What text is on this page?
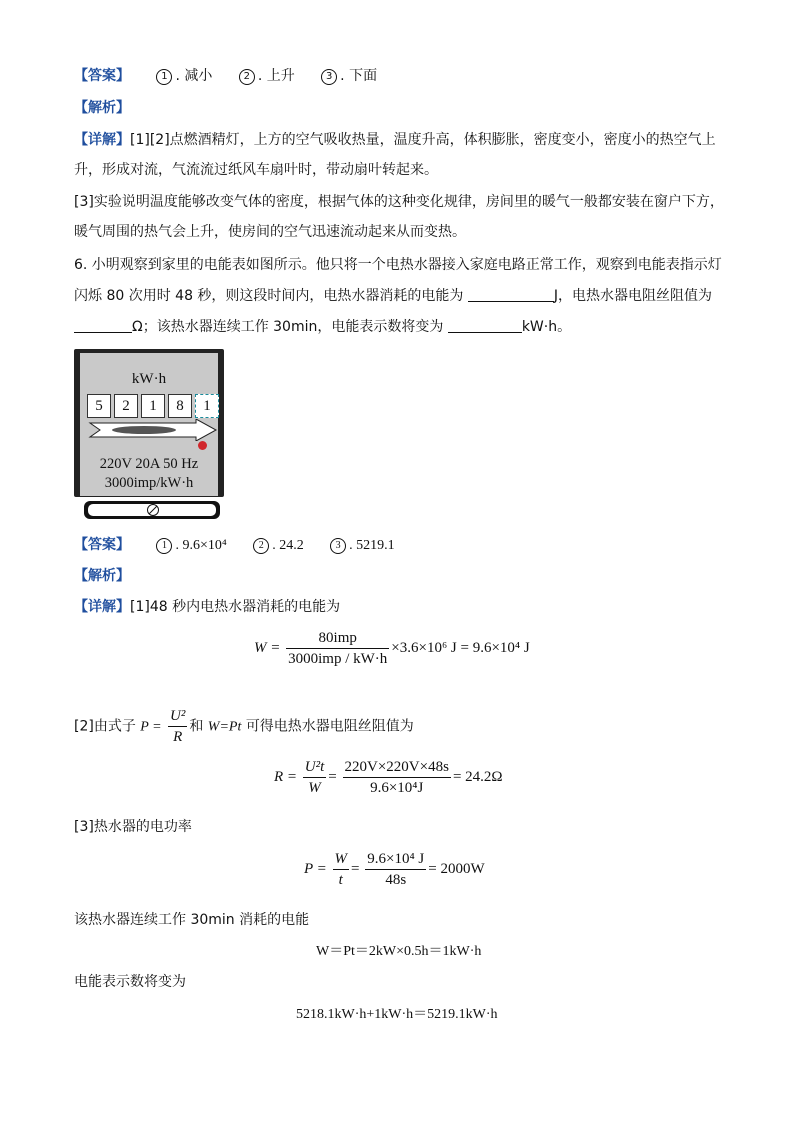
【答案】	1 . 减小	2 . 上升	3 . 下面
【解析】
【详解】[1][2]点燃酒精灯，上方的空气吸收热量，温度升高，体积膨胀，密度变小，密度小的热空气上
升，形成对流，气流流过纸风车扇叶时，带动扇叶转起来。
[3]实验说明温度能够改变气体的密度，根据气体的这种变化规律，房间里的暖气一般都安装在窗户下方，
暖气周围的热气会上升，使房间的空气迅速流动起来从而变热。
6. 小明观察到家里的电能表如图所示。他只将一个电热水器接入家庭电路正常工作，观察到电能表指示灯
闪烁 80 次用时 48 秒，则这段时间内，电热水器消耗的电能为	J，电热水器电阻丝阻值为
Ω；该热水器连续工作 30min，电能表示数将变为	kW·h。
kW·h
5	2	1	8	1
220V 20A 50 Hz
3000imp/kW·h
【答案】	1 . 9.6×10⁴	2 . 24.2	3 . 5219.1
【解析】
【详解】[1]48 秒内电热水器消耗的电能为
$W = \frac{\text{80imp}}{\text{3000imp / kW·h}} \times 3.6\times 10^6$ J = 9.6×10⁴ J
[2]由式子 $P = \frac{\text{U²}}{R}$ 和 W=Pt 可得电热水器电阻丝阻值为
$R = \frac{\text{U²t}}{W} = \frac{220V\times 220V\times 48s}{\text{9.6×10⁴J}} = 24.2\Omega$
[3]热水器的电功率
$P = \frac{W}{t} = \frac{\text{9.6×10⁴ J}}{48s} = 2000W$
该热水器连续工作 30min 消耗的电能
W＝Pt＝2kW×0.5h＝1kW·h
电能表示数将变为
5218.1kW·h+1kW·h＝5219.1kW·h
